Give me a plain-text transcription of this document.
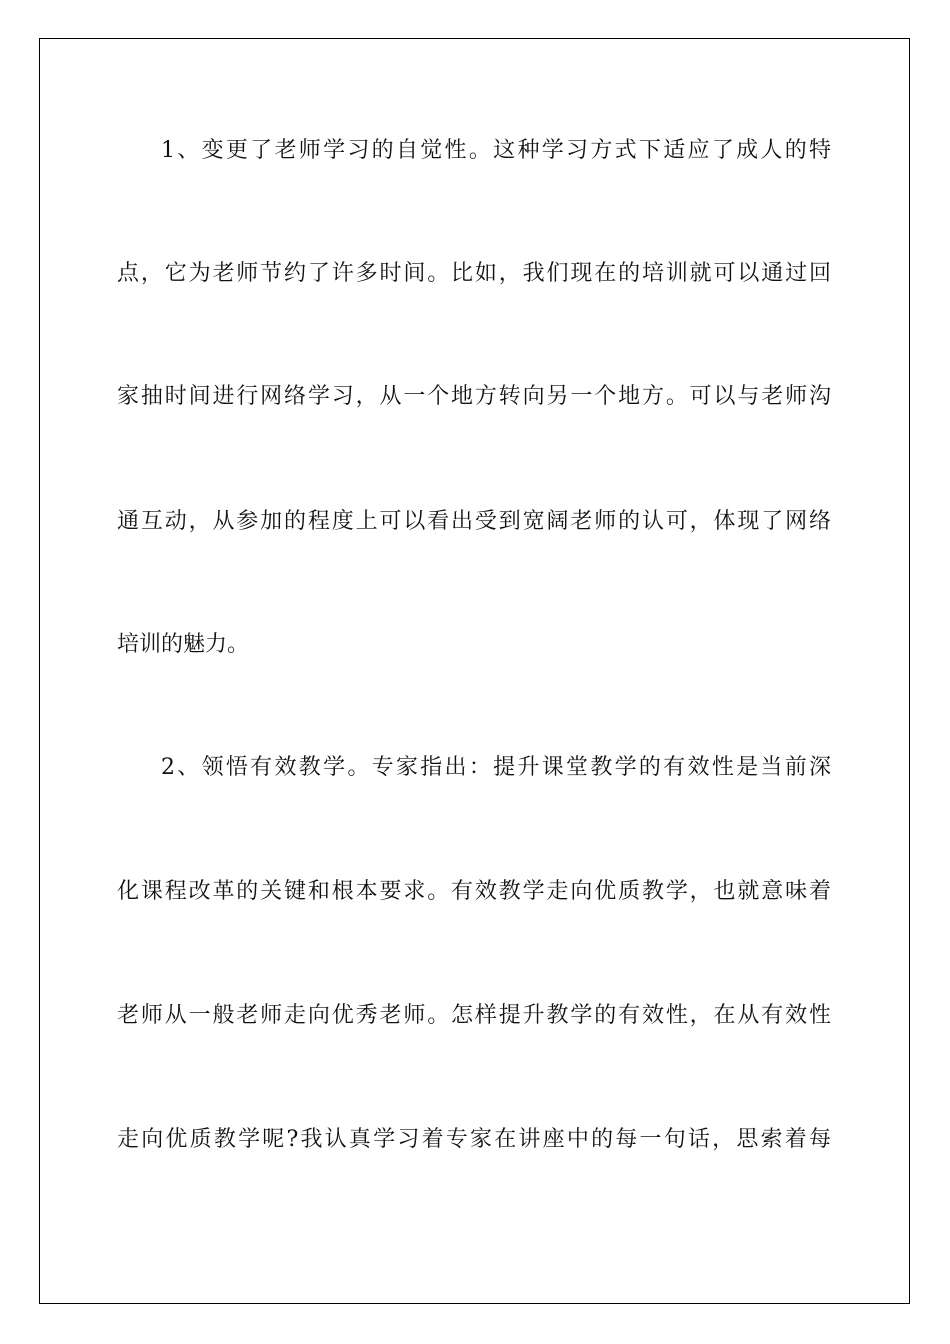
1、变更了老师学习的自觉性。这种学习方式下适应了成人的特
点，它为老师节约了许多时间。比如，我们现在的培训就可以通过回
家抽时间进行网络学习，从一个地方转向另一个地方。可以与老师沟
通互动，从参加的程度上可以看出受到宽阔老师的认可，体现了网络
培训的魅力。
2、领悟有效教学。专家指出：提升课堂教学的有效性是当前深
化课程改革的关键和根本要求。有效教学走向优质教学，也就意味着
老师从一般老师走向优秀老师。怎样提升教学的有效性，在从有效性
走向优质教学呢?我认真学习着专家在讲座中的每一句话，思索着每
